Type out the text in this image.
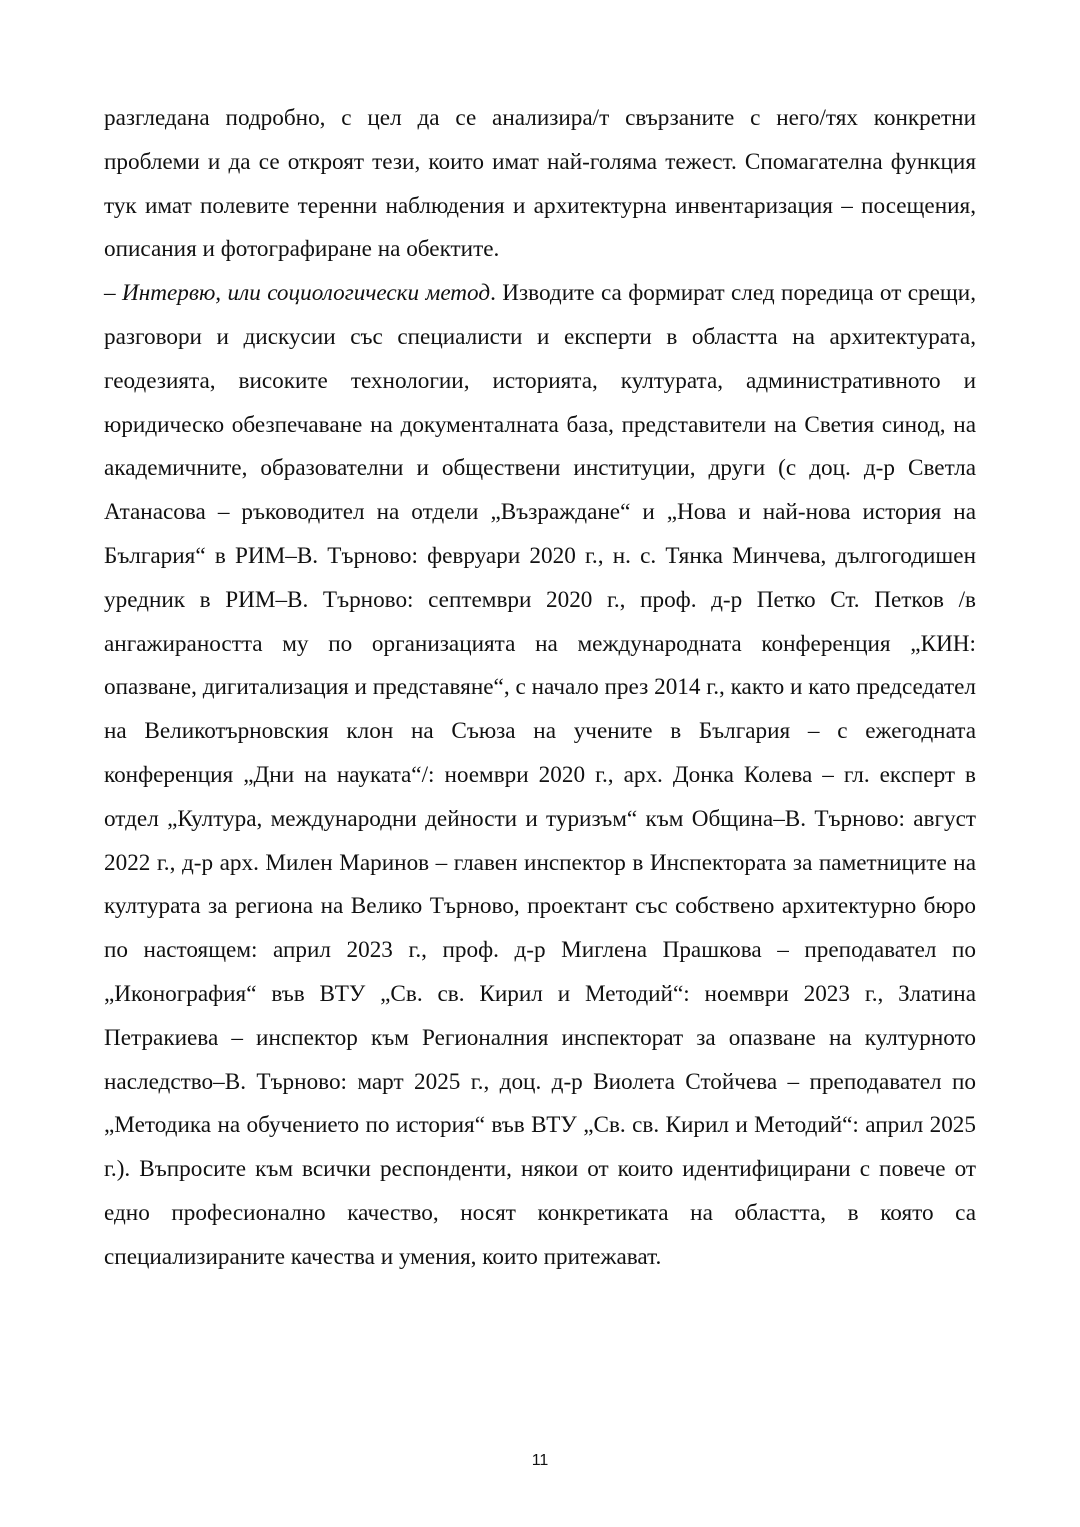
разгледана подробно, с цел да се анализира/т свързаните с него/тях конкретни проблеми и да се откроят тези, които имат най-голяма тежест. Спомагателна функция тук имат полевите теренни наблюдения и архитектурна инвентаризация – посещения, описания и фотографиране на обектите.

– Интервю, или социологически метод. Изводите са формират след поредица от срещи, разговори и дискусии със специалисти и експерти в областта на архитектурата, геодезията, високите технологии, историята, културата, административното и юридическо обезпечаване на документалната база, представители на Светия синод, на академичните, образователни и обществени институции, други (с доц. д-р Светла Атанасова – ръководител на отдели „Възраждане“ и „Нова и най-нова история на България“ в РИМ–В. Търново: февруари 2020 г., н. с. Тянка Минчева, дългогодишен уредник в РИМ–В. Търново: септември 2020 г., проф. д-р Петко Ст. Петков /в ангажираността му по организацията на международната конференция „КИН: опазване, дигитализация и представяне“, с начало през 2014 г., както и като председател на Великотърновския клон на Съюза на учените в България – с ежегодната конференция „Дни на науката“/: ноември 2020 г., арх. Донка Колева – гл. експерт в отдел „Култура, международни дейности и туризъм“ към Община–В. Търново: август 2022 г., д-р арх. Милен Маринов – главен инспектор в Инспектората за паметниците на културата за региона на Велико Търново, проектант със собствено архитектурно бюро по настоящем: април 2023 г., проф. д-р Миглена Прашкова – преподавател по „Иконография“ във ВТУ „Св. св. Кирил и Методий“: ноември 2023 г., Златина Петракиева – инспектор към Регионалния инспекторат за опазване на културното наследство–В. Търново: март 2025 г., доц. д-р Виолета Стойчева – преподавател по „Методика на обучението по история“ във ВТУ „Св. св. Кирил и Методий“: април 2025 г.). Въпросите към всички респонденти, някои от които идентифицирани с повече от едно професионално качество, носят конкретиката на областта, в която са специализираните качества и умения, които притежават.

11
